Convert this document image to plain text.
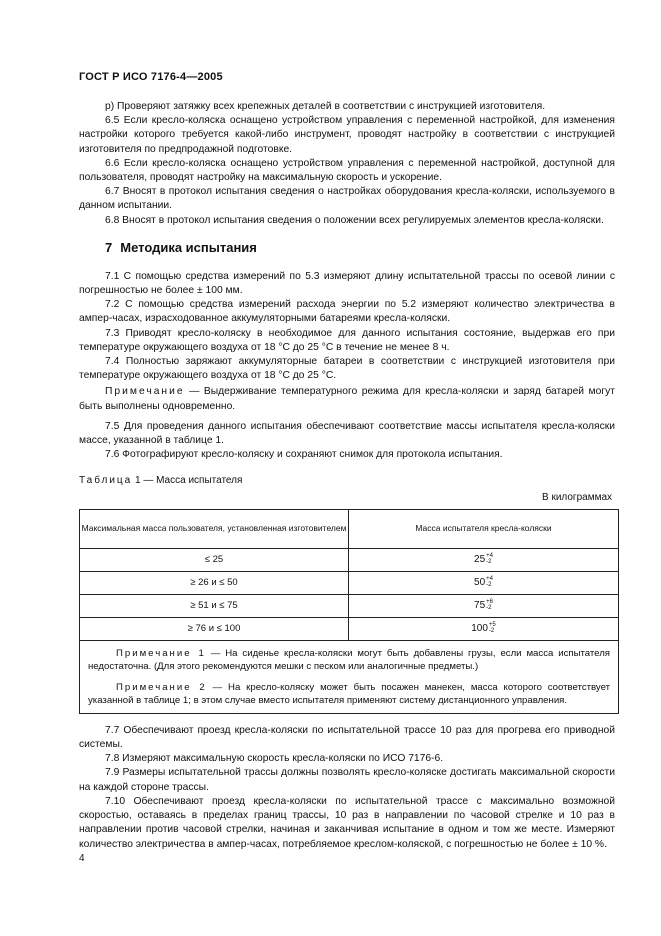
ГОСТ Р ИСО 7176-4—2005

р) Проверяют затяжку всех крепежных деталей в соответствии с инструкцией изготовителя.

6.5 Если кресло-коляска оснащено устройством управления с переменной настройкой, для изменения настройки которого требуется какой-либо инструмент, проводят настройку в соответствии с инструкцией изготовителя по предпродажной подготовке.

6.6 Если кресло-коляска оснащено устройством управления с переменной настройкой, доступной для пользователя, проводят настройку на максимальную скорость и ускорение.

6.7 Вносят в протокол испытания сведения о настройках оборудования кресла-коляски, используемого в данном испытании.

6.8 Вносят в протокол испытания сведения о положении всех регулируемых элементов кресла-коляски.

7 Методика испытания

7.1 С помощью средства измерений по 5.3 измеряют длину испытательной трассы по осевой линии с погрешностью не более ± 100 мм.

7.2 С помощью средства измерений расхода энергии по 5.2 измеряют количество электричества в ампер-часах, израсходованное аккумуляторными батареями кресла-коляски.

7.3 Приводят кресло-коляску в необходимое для данного испытания состояние, выдержав его при температуре окружающего воздуха от 18 °С до 25 °С в течение не менее 8 ч.

7.4 Полностью заряжают аккумуляторные батареи в соответствии с инструкцией изготовителя при температуре окружающего воздуха от 18 °С до 25 °С.

Примечание — Выдерживание температурного режима для кресла-коляски и заряд батарей могут быть выполнены одновременно.

7.5 Для проведения данного испытания обеспечивают соответствие массы испытателя кресла-коляски массе, указанной в таблице 1.

7.6 Фотографируют кресло-коляску и сохраняют снимок для протокола испытания.

Таблица 1 — Масса испытателя
В килограммах
Максимальная масса пользователя, установленная изготовителем	Масса испытателя кресла-коляски
≤ 25	25 +4
-2

≥ 26 и ≤ 50	50 +4
-2

≥ 51 и ≤ 75	75 +6
-2

≥ 76 и ≤ 100	100 +5
-2

Примечание 1 — На сиденье кресла-коляски могут быть добавлены грузы, если масса испытателя недостаточна. (Для этого рекомендуются мешки с песком или аналогичные предметы.)

Примечание 2 — На кресло-коляску может быть посажен манекен, масса которого соответствует указанной в таблице 1; в этом случае вместо испытателя применяют систему дистанционного управления.	

7.7 Обеспечивают проезд кресла-коляски по испытательной трассе 10 раз для прогрева его приводной системы.

7.8 Измеряют максимальную скорость кресла-коляски по ИСО 7176-6.

7.9 Размеры испытательной трассы должны позволять кресло-коляске достигать максимальной скорости на каждой стороне трассы.

7.10 Обеспечивают проезд кресла-коляски по испытательной трассе с максимально возможной скоростью, оставаясь в пределах границ трассы, 10 раз в направлении по часовой стрелке и 10 раз в направлении против часовой стрелки, начиная и заканчивая испытание в одном и том же месте. Измеряют количество электричества в ампер-часах, потребляемое креслом-коляской, с погрешностью не более ± 10 %.

4
